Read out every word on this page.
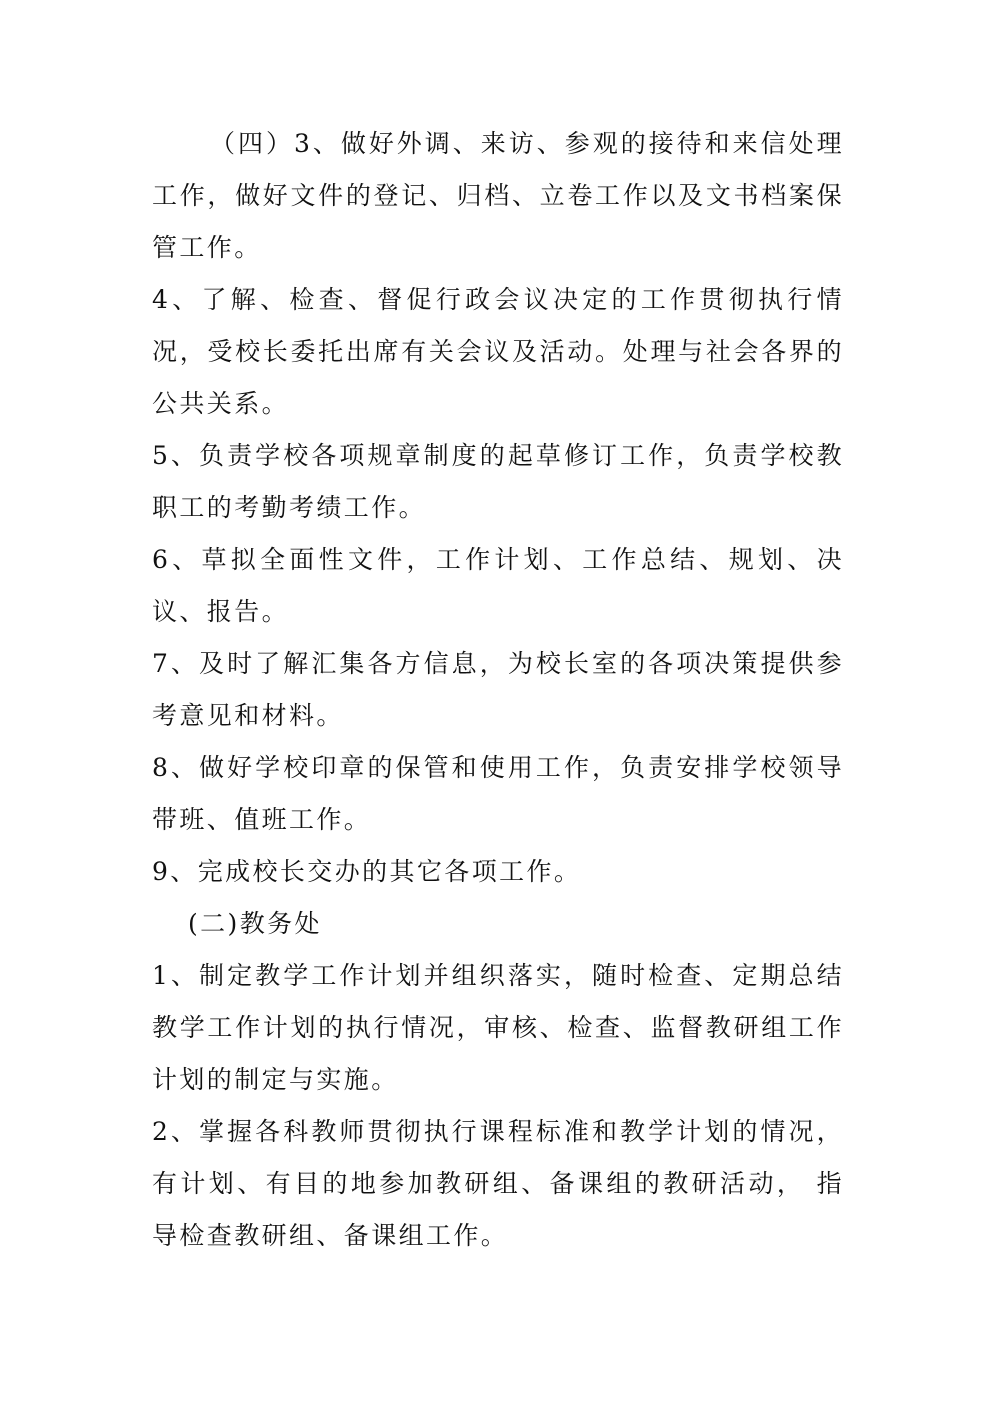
（四）3、做好外调、来访、参观的接待和来信处理工作，做好文件的登记、归档、立卷工作以及文书档案保管工作。

4、了解、检查、督促行政会议决定的工作贯彻执行情况，受校长委托出席有关会议及活动。处理与社会各界的公共关系。

5、负责学校各项规章制度的起草修订工作，负责学校教职工的考勤考绩工作。

6、草拟全面性文件，工作计划、工作总结、规划、决议、报告。

7、及时了解汇集各方信息，为校长室的各项决策提供参考意见和材料。

8、做好学校印章的保管和使用工作，负责安排学校领导带班、值班工作。

9、完成校长交办的其它各项工作。

(二)教务处

1、制定教学工作计划并组织落实，随时检查、定期总结教学工作计划的执行情况，审核、检查、监督教研组工作计划的制定与实施。

2、掌握各科教师贯彻执行课程标准和教学计划的情况，有计划、有目的地参加教研组、备课组的教研活动， 指导检查教研组、备课组工作。
